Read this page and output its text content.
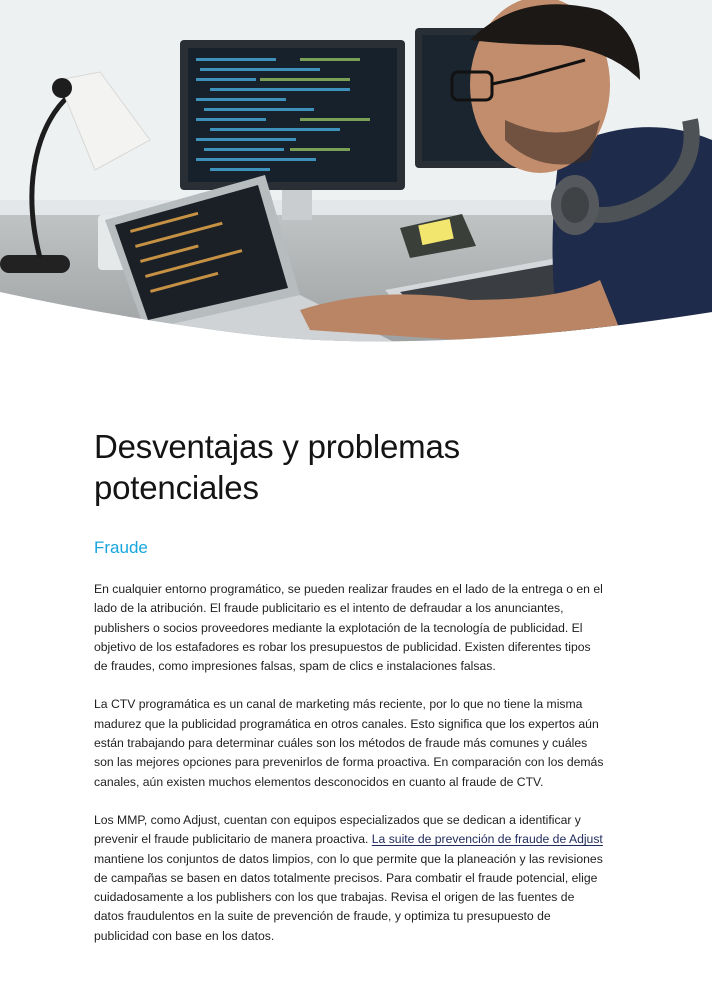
Desventajas y problemas potenciales
Fraude

En cualquier entorno programático, se pueden realizar fraudes en el lado de la entrega o en el lado de la atribución. El fraude publicitario es el intento de defraudar a los anunciantes, publishers o socios proveedores mediante la explotación de la tecnología de publicidad. El objetivo de los estafadores es robar los presupuestos de publicidad. Existen diferentes tipos de fraudes, como impresiones falsas, spam de clics e instalaciones falsas.

La CTV programática es un canal de marketing más reciente, por lo que no tiene la misma madurez que la publicidad programática en otros canales. Esto significa que los expertos aún están trabajando para determinar cuáles son los métodos de fraude más comunes y cuáles son las mejores opciones para prevenirlos de forma proactiva. En comparación con los demás canales, aún existen muchos elementos desconocidos en cuanto al fraude de CTV.

Los MMP, como Adjust, cuentan con equipos especializados que se dedican a identificar y prevenir el fraude publicitario de manera proactiva. La suite de prevención de fraude de Adjust mantiene los conjuntos de datos limpios, con lo que permite que la planeación y las revisiones de campañas se basen en datos totalmente precisos. Para combatir el fraude potencial, elige cuidadosamente a los publishers con los que trabajas. Revisa el origen de las fuentes de datos fraudulentos en la suite de prevención de fraude, y optimiza tu presupuesto de publicidad con base en los datos.
